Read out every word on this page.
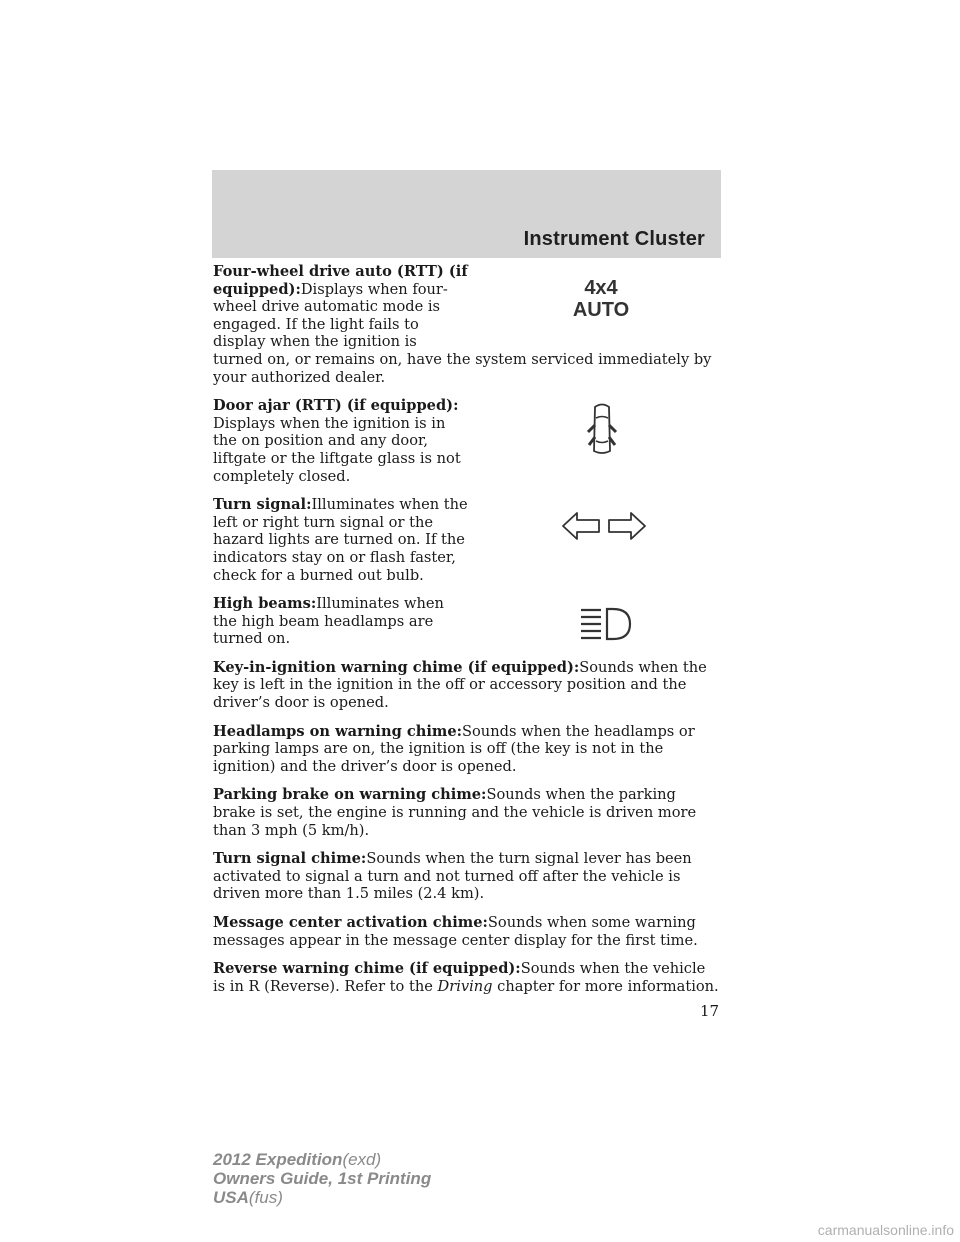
Instrument Cluster
4x4
AUTO
Four-wheel drive auto (RTT) (if equipped):Displays when four-wheel drive automatic mode is engaged. If the light fails to display when the ignition is turned on, or remains on, have the system serviced immediately by your authorized dealer.
Door ajar (RTT) (if equipped):
Displays when the ignition is in the on position and any door, liftgate or the liftgate glass is not completely closed.
Turn signal:Illuminates when the left or right turn signal or the hazard lights are turned on. If the indicators stay on or flash faster, check for a burned out bulb.
High beams:Illuminates when the high beam headlamps are turned on.
Key-in-ignition warning chime (if equipped):Sounds when the key is left in the ignition in the off or accessory position and the driver’s door is opened.
Headlamps on warning chime:Sounds when the headlamps or parking lamps are on, the ignition is off (the key is not in the ignition) and the driver’s door is opened.
Parking brake on warning chime:Sounds when the parking brake is set, the engine is running and the vehicle is driven more than 3 mph (5 km/h).
Turn signal chime:Sounds when the turn signal lever has been activated to signal a turn and not turned off after the vehicle is driven more than 1.5 miles (2.4 km).
Message center activation chime:Sounds when some warning messages appear in the message center display for the first time.
Reverse warning chime (if equipped):Sounds when the vehicle is in R (Reverse). Refer to the Driving chapter for more information.
17
2012 Expedition(exd)
Owners Guide, 1st Printing
USA(fus)
carmanualsonline.info
